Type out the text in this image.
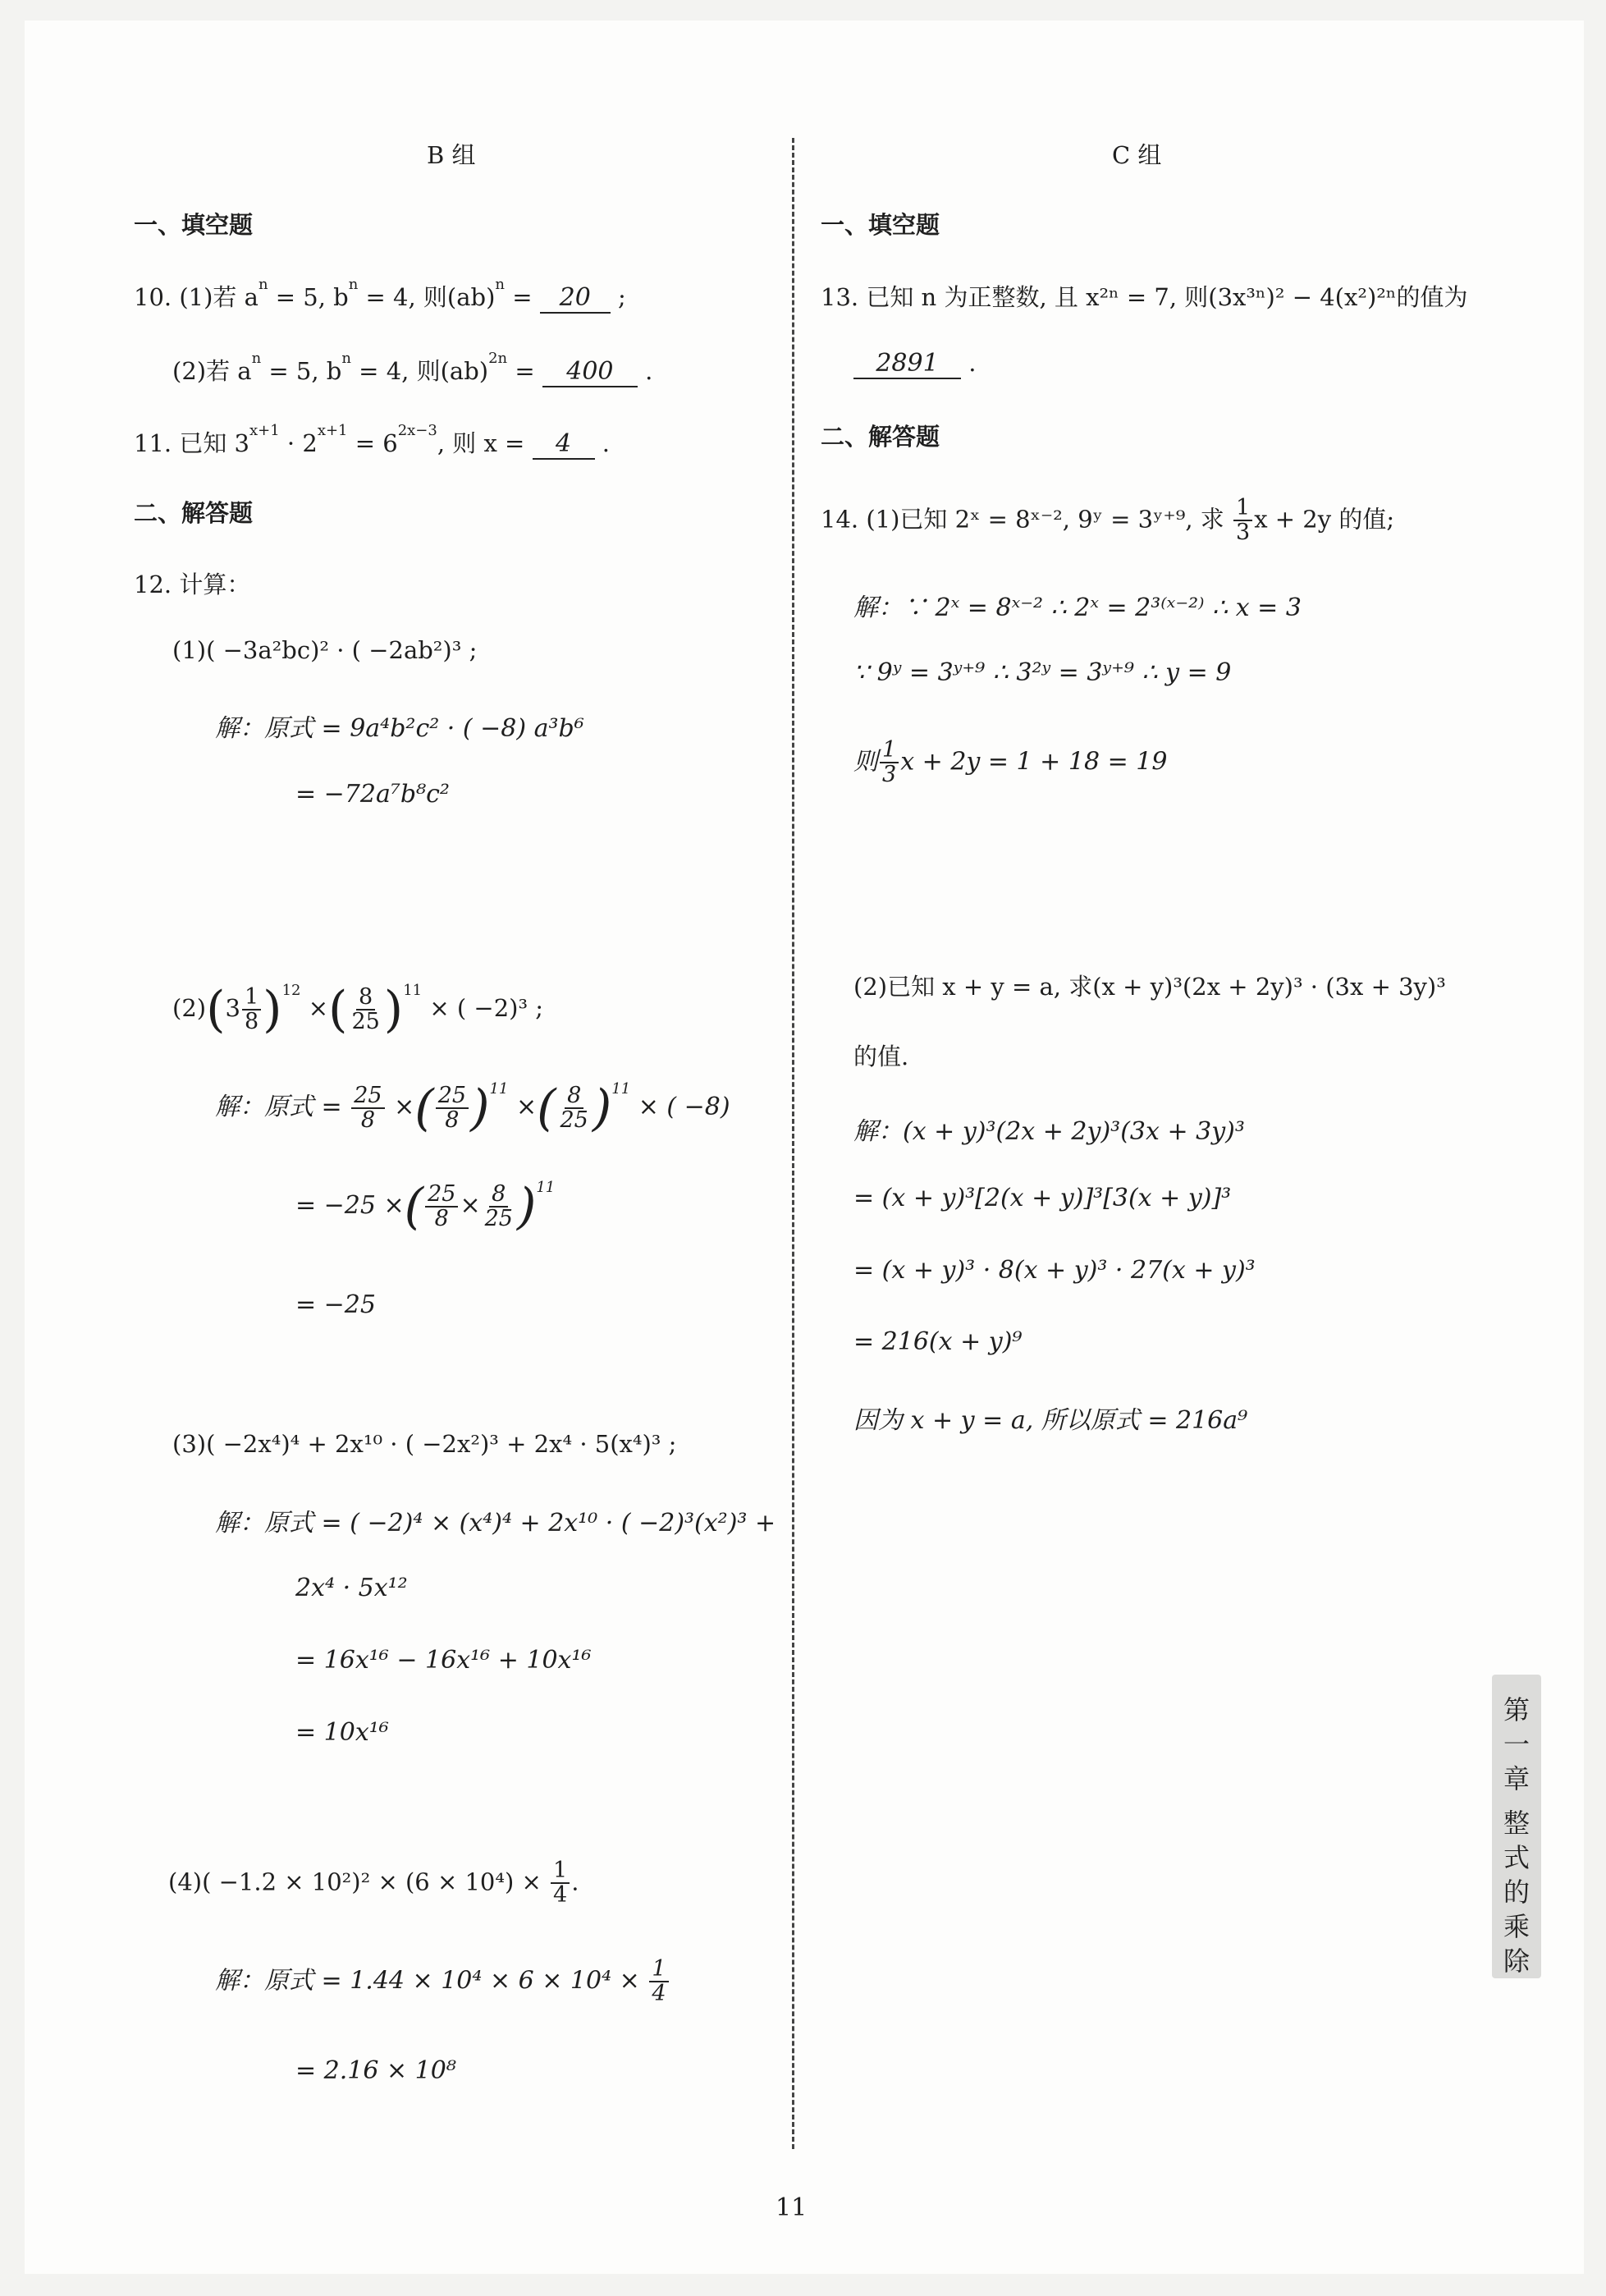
B 组
一、填空题
10. (1)若 $a^n = 5$, $b^n = 4$, 则(ab)$^n$ = 20 ;
(2)若 $a^n = 5$, $b^n = 4$, 则(ab)$^{2n}$ = 400 .
11. 已知 $3^{x+1} \cdot 2^{x+1} = 6^{2x-3}$, 则 x = 4 .
二、解答题
12. 计算：
(1)( −3a²bc)² · ( −2ab²)³ ;
解：原式 = 9a⁴b²c² · ( −8) a³b⁶
= −72a⁷b⁸c²
$(2)(3 \frac{1}{8} )^{12}$ ×( $\frac{8}{25} )^{11}$ × ( −2)³ ;
解：原式 = $\frac{25}{8}$ ×( $\frac{25}{8} )^{11}$ ×( $\frac{8}{25} )^{11}$ × ( −8)
= −25 ×( $\frac{25}{8} \times \frac{8}{25} )^{11}$
= −25
(3)( −2x⁴)⁴ + 2x¹⁰ · ( −2x²)³ + 2x⁴ · 5(x⁴)³ ;
解：原式 = ( −2)⁴ × (x⁴)⁴ + 2x¹⁰ · ( −2)³(x²)³ +
2x⁴ · 5x¹²
= 16x¹⁶ − 16x¹⁶ + 10x¹⁶
= 10x¹⁶
$(4)( -1.2 \times 10^2)^2 \times (6 \times 10^4) \times \frac{1}{4}$ .
解：原式 = $1.44 \times 10^4 \times 6 \times 10^4 \times \frac{1}{4}$
= 2.16 × 10⁸
C 组
一、填空题
13. 已知 n 为正整数, 且 x²ⁿ = 7, 则(3x³ⁿ)² − 4(x²)²ⁿ的值为
2891 .
二、解答题
14. (1)已知 2ˣ = 8ˣ⁻², 9ʸ = 3ʸ⁺⁹, 求 $\frac{1}{3}$ x + 2y 的值;
解：∵ 2ˣ = 8ˣ⁻² ∴ 2ˣ = 2³⁽ˣ⁻²⁾ ∴ x = 3
∵ 9ʸ = 3ʸ⁺⁹ ∴ 3²ʸ = 3ʸ⁺⁹ ∴ y = 9
则 $\frac{1}{3}$ x + 2y = 1 + 18 = 19
(2)已知 x + y = a, 求(x + y)³(2x + 2y)³ · (3x + 3y)³
的值.
解：(x + y)³(2x + 2y)³(3x + 3y)³
= (x + y)³[2(x + y)]³[3(x + y)]³
= (x + y)³ · 8(x + y)³ · 27(x + y)³
= 216(x + y)⁹
因为 x + y = a, 所以原式 = 216a⁹
第
一
章
整
式
的
乘
除
11
